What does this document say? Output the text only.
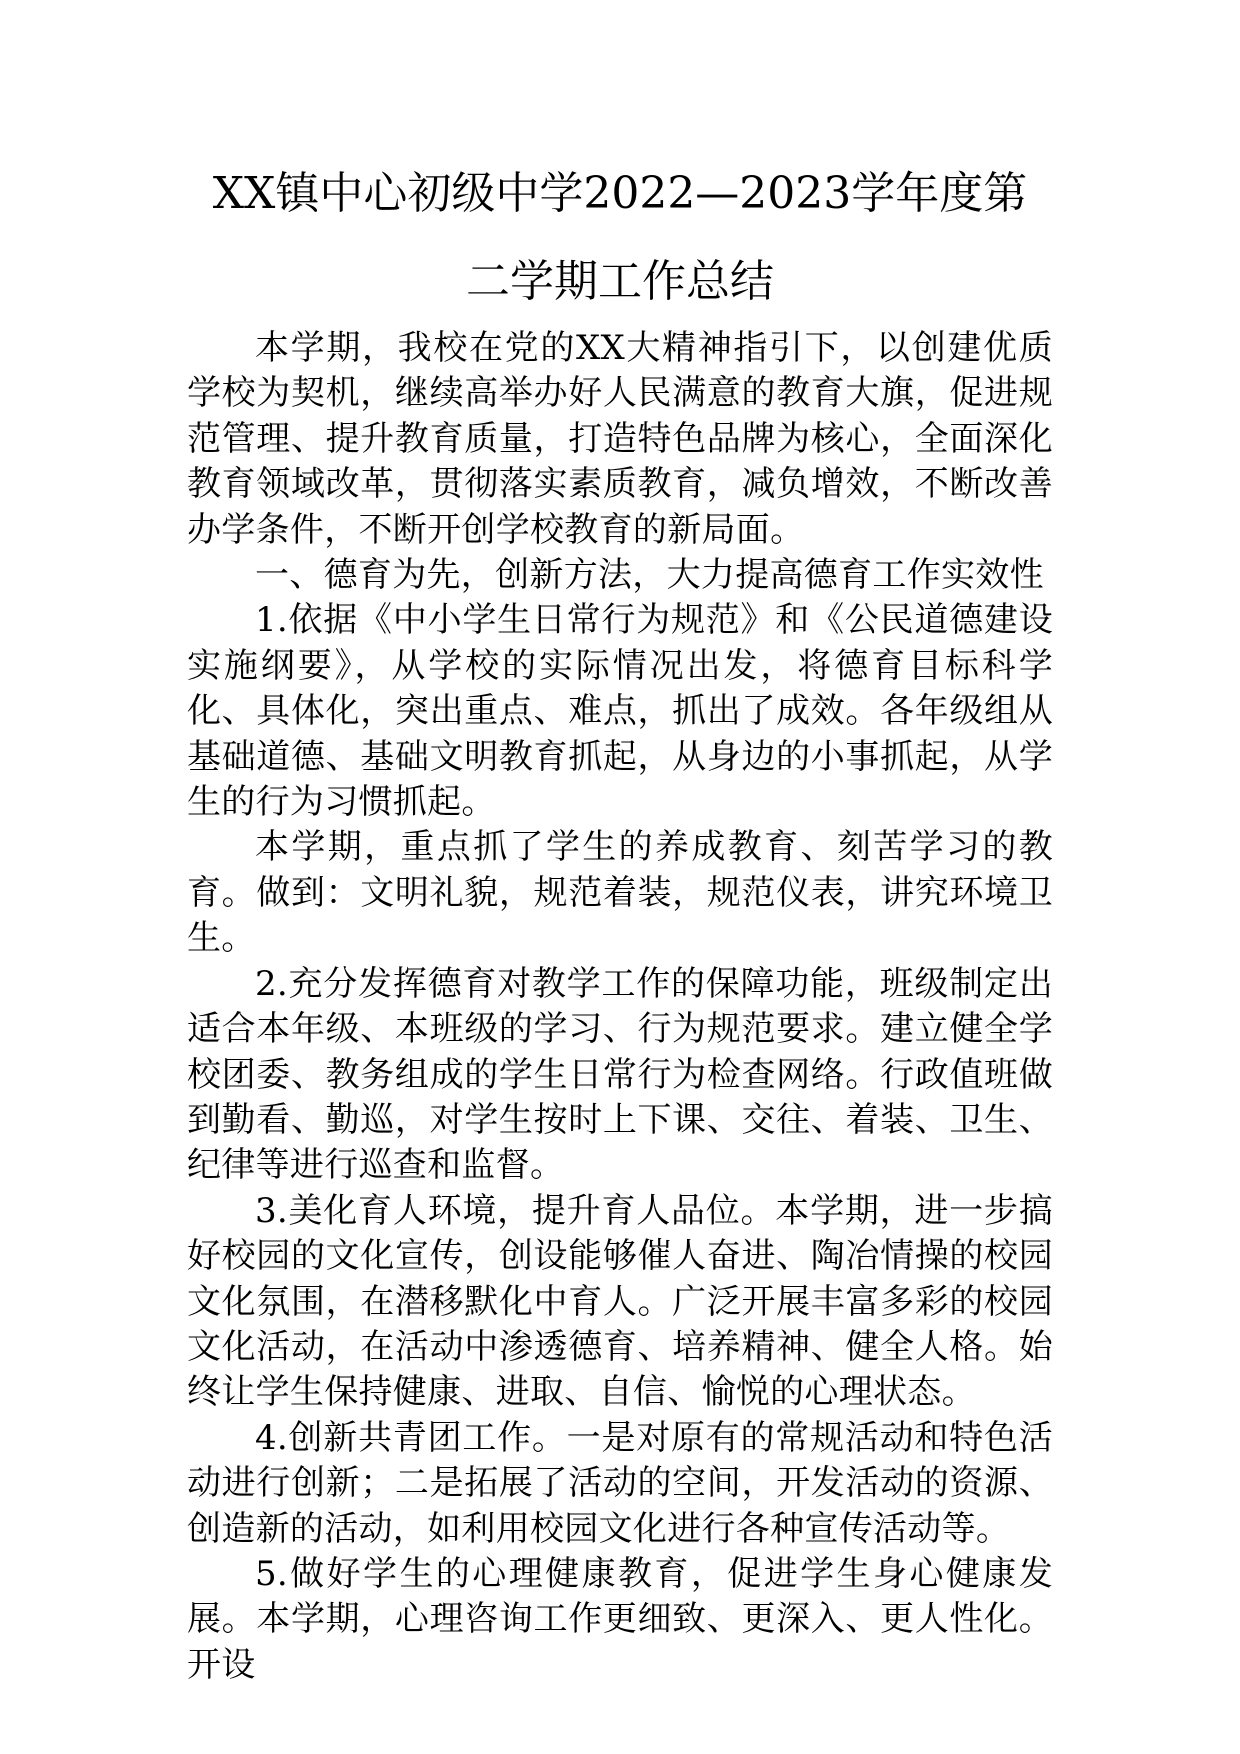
XX镇中心初级中学2022—2023学年度第
二学期工作总结

本学期，我校在党的XX大精神指引下，以创建优质学校为契机，继续高举办好人民满意的教育大旗，促进规范管理、提升教育质量，打造特色品牌为核心，全面深化教育领域改革，贯彻落实素质教育，减负增效，不断改善办学条件，不断开创学校教育的新局面。

一、德育为先，创新方法，大力提高德育工作实效性

1.依据《中小学生日常行为规范》和《公民道德建设实施纲要》，从学校的实际情况出发，将德育目标科学化、具体化，突出重点、难点，抓出了成效。各年级组从基础道德、基础文明教育抓起，从身边的小事抓起，从学生的行为习惯抓起。

本学期，重点抓了学生的养成教育、刻苦学习的教育。做到：文明礼貌，规范着装，规范仪表，讲究环境卫生。

2.充分发挥德育对教学工作的保障功能，班级制定出适合本年级、本班级的学习、行为规范要求。建立健全学校团委、教务组成的学生日常行为检查网络。行政值班做到勤看、勤巡，对学生按时上下课、交往、着装、卫生、纪律等进行巡查和监督。

3.美化育人环境，提升育人品位。本学期，进一步搞好校园的文化宣传，创设能够催人奋进、陶冶情操的校园文化氛围，在潜移默化中育人。广泛开展丰富多彩的校园文化活动，在活动中渗透德育、培养精神、健全人格。始终让学生保持健康、进取、自信、愉悦的心理状态。

4.创新共青团工作。一是对原有的常规活动和特色活动进行创新；二是拓展了活动的空间，开发活动的资源、创造新的活动，如利用校园文化进行各种宣传活动等。

5.做好学生的心理健康教育，促进学生身心健康发展。本学期，心理咨询工作更细致、更深入、更人性化。开设
